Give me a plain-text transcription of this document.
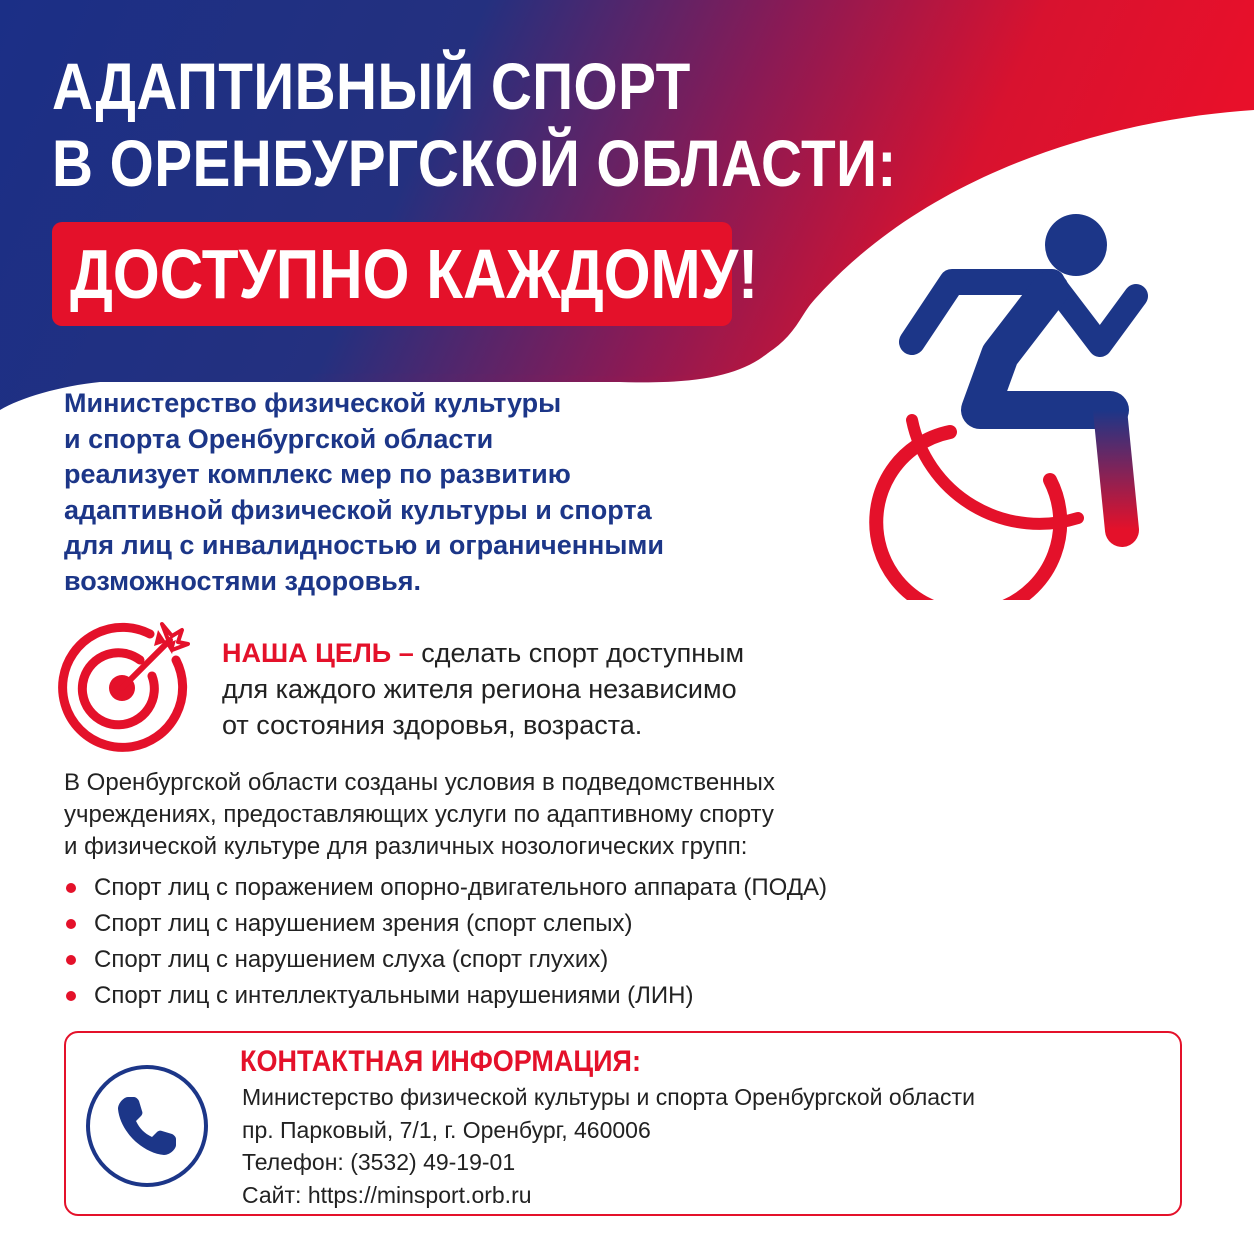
АДАПТИВНЫЙ СПОРТ
В ОРЕНБУРГСКОЙ ОБЛАСТИ:
ДОСТУПНО КАЖДОМУ!
Министерство физической культуры
и спорта Оренбургской области
реализует комплекс мер по развитию
адаптивной физической культуры и спорта
для лиц с инвалидностью и ограниченными
возможностями здоровья.
НАША ЦЕЛЬ – сделать спорт доступным
для каждого жителя региона независимо
от состояния здоровья, возраста.
В Оренбургской области созданы условия в подведомственных
учреждениях, предоставляющих услуги по адаптивному спорту
и физической культуре для различных нозологических групп:
Спорт лиц с поражением опорно-двигательного аппарата (ПОДА)
Спорт лиц с нарушением зрения (спорт слепых)
Спорт лиц с нарушением слуха (спорт глухих)
Спорт лиц с интеллектуальными нарушениями (ЛИН)
КОНТАКТНАЯ ИНФОРМАЦИЯ:
Министерство физической культуры и спорта Оренбургской области
пр. Парковый, 7/1, г. Оренбург, 460006
Телефон: (3532) 49-19-01
Сайт: https://minsport.orb.ru
